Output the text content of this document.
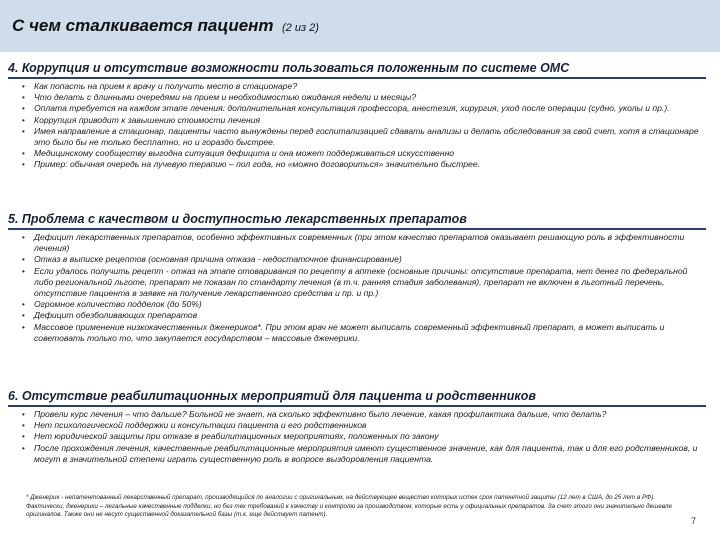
С чем сталкивается пациент (2 из 2)
4. Коррупция и отсутствие возможности пользоваться положенным по системе ОМС
• Как попасть на прием к врачу и получить место в стационаре?
• Что делать с длинными очередями на прием и необходимостью ожидания недели и месяцы?
• Оплата требуется на каждом этапе лечения: дополнительная консультация профессора, анестезия, хирургия, уход после операции (судно, уколы и пр.).
• Коррупция приводит к завышению стоимости лечения
• Имея направление в стационар, пациенты часто вынуждены перед госпитализацией сдавать анализы и делать обследования за свой счет, хотя в стационаре это было бы не только бесплатно, но и гораздо быстрее.
• Медицинскому сообществу выгодна ситуация дефицита и она может поддерживаться искусственно
• Пример: обычная очередь на лучевую терапию – пол года, но «можно договориться» значительно быстрее.
5. Проблема с качеством и доступностью лекарственных препаратов
• Дефицит лекарственных препаратов, особенно эффективных современных (при этом качество препаратов оказывает решающую роль в эффективности лечения)
• Отказ в выписке рецептов (основная причина отказа - недостаточное финансирование)
• Если удалось получить рецепт - отказ на этапе отоваривания по рецепту в аптеке (основные причины: отсутствие препарата, нет денег по федеральной либо региональной льготе, препарат не показан по стандарту лечения (в т.ч. ранняя стадия заболевания), препарат не включен в льготный перечень, отсутствие пациента в заявке на получение лекарственного средства и пр. и пр.)
• Огромное количество подделок (до 50%)
• Дефицит обезболивающих препаратов
• Массовое применение низкокачественных дженериков*. При этом врач не может выписать современный эффективный препарат, а может выписать и советовать только то, что закупается государством – массовые дженерики.
6. Отсутствие реабилитационных мероприятий для пациента и родственников
• Провели курс лечения – что дальше? Больной не знает, на сколько эффективно было лечение, какая профилактика дальше, что делать?
• Нет психологической поддержки и консультации пациента и его родственников
• Нет юридической защиты при отказе в реабилитационных мероприятиях, положенных по закону
• После прохождения лечения, качественные реабилитационные мероприятия имеют существенное значение, как для пациента, так и для его родственников, и могут в значительной степени играть существенную роль в вопросе выздоровления пациента.
* Дженерик - непатентованный лекарственный препарат, производящийся по аналогии с оригинальным, на действующее вещество которых истек срок патентной защиты (12 лет в США, до 25 лет в РФ). Фактически, дженерики – легальные качественные подделки, но без тех требований к качеству и контролю за производством, которые есть у официальных препаратов. За счет этого они значительно дешевле оригиналов. Также они не несут существенной доказательной базы (т.к. еще действует патент).
7
